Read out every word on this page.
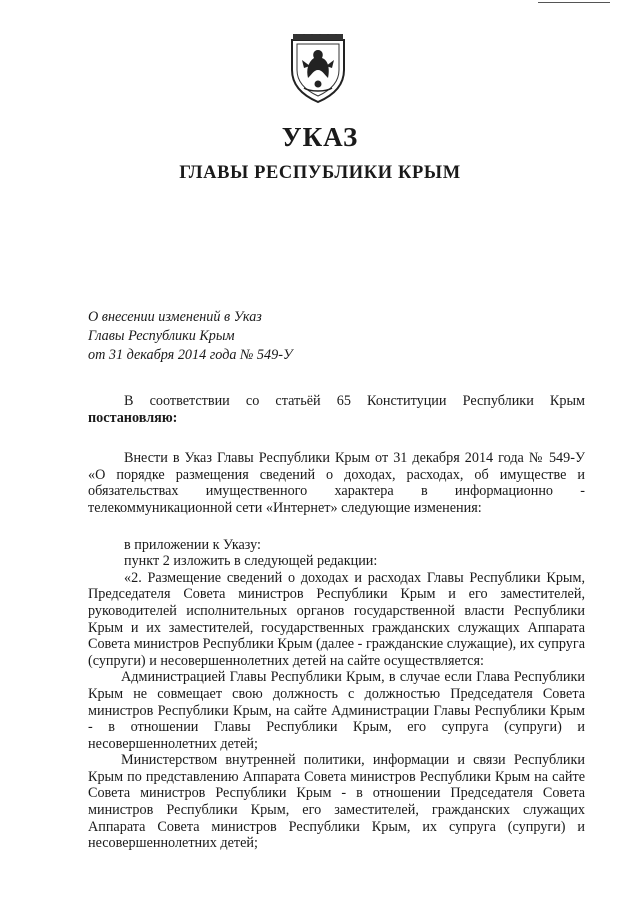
УКАЗ
ГЛАВЫ РЕСПУБЛИКИ КРЫМ
О внесении изменений в Указ
Главы Республики Крым
от 31 декабря 2014 года № 549-У

В соответствии со статьёй 65 Конституции Республики Крым

постановляю:

Внести в Указ Главы Республики Крым от 31 декабря 2014 года № 549-У

«О порядке размещения сведений о доходах, расходах, об имуществе и обязательствах имущественного характера в информационно -

телекоммуникационной сети «Интернет» следующие изменения:

в приложении к Указу:

пункт 2 изложить в следующей редакции:

«2. Размещение сведений о доходах и расходах Главы Республики Крым, Председателя Совета министров Республики Крым и его заместителей, руководителей исполнительных органов государственной власти Республики Крым и их заместителей, государственных гражданских служащих Аппарата Совета министров Республики Крым (далее - гражданские служащие), их супруга (супруги) и несовершеннолетних детей на сайте осуществляется:

Администрацией Главы Республики Крым, в случае если Глава Республики Крым не совмещает свою должность с должностью Председателя Совета министров Республики Крым, на сайте Администрации Главы Республики Крым - в отношении Главы Республики Крым, его супруга (супруги) и несовершеннолетних детей;

Министерством внутренней политики, информации и связи Республики Крым по представлению Аппарата Совета министров Республики Крым на сайте Совета министров Республики Крым - в отношении Председателя Совета министров Республики Крым, его заместителей, гражданских служащих Аппарата Совета министров Республики Крым, их супруга (супруги) и несовершеннолетних детей;
